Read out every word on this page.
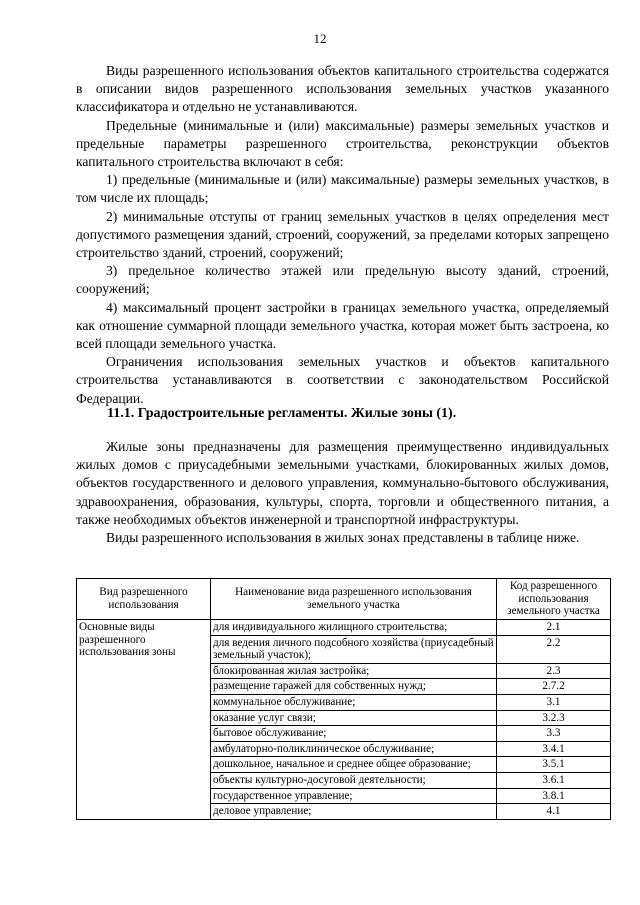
12

Виды разрешенного использования объектов капитального строительства содержатся в описании видов разрешенного использования земельных участков указанного классификатора и отдельно не устанавливаются.

Предельные (минимальные и (или) максимальные) размеры земельных участков и предельные параметры разрешенного строительства, реконструкции объектов капитального строительства включают в себя:

1) предельные (минимальные и (или) максимальные) размеры земельных участков, в том числе их площадь;

2) минимальные отступы от границ земельных участков в целях определения мест допустимого размещения зданий, строений, сооружений, за пределами которых запрещено строительство зданий, строений, сооружений;

3) предельное количество этажей или предельную высоту зданий, строений, сооружений;

4) максимальный процент застройки в границах земельного участка, определяемый как отношение суммарной площади земельного участка, которая может быть застроена, ко всей площади земельного участка.

Ограничения использования земельных участков и объектов капитального строительства устанавливаются в соответствии с законодательством Российской Федерации.

11.1. Градостроительные регламенты. Жилые зоны (1).

Жилые зоны предназначены для размещения преимущественно индивидуальных жилых домов с приусадебными земельными участками, блокированных жилых домов, объектов государственного и делового управления, коммунально-бытового обслуживания, здравоохранения, образования, культуры, спорта, торговли и общественного питания, а также необходимых объектов инженерной и транспортной инфраструктуры.

Виды разрешенного использования в жилых зонах представлены в таблице ниже.

Вид разрешенного использования	Наименование вида разрешенного использования земельного участка	Код разрешенного использования земельного участка
Основные виды разрешенного использования зоны	для индивидуального жилищного строительства;	2.1
	для ведения личного подсобного хозяйства (приусадебный земельный участок);	2.2
	блокированная жилая застройка;	2.3
	размещение гаражей для собственных нужд;	2.7.2
	коммунальное обслуживание;	3.1
	оказание услуг связи;	3.2.3
	бытовое обслуживание;	3.3
	амбулаторно-поликлиническое обслуживание;	3.4.1
	дошкольное, начальное и среднее общее образование;	3.5.1
	объекты культурно-досуговой деятельности;	3.6.1
	государственное управление;	3.8.1
	деловое управление;	4.1
